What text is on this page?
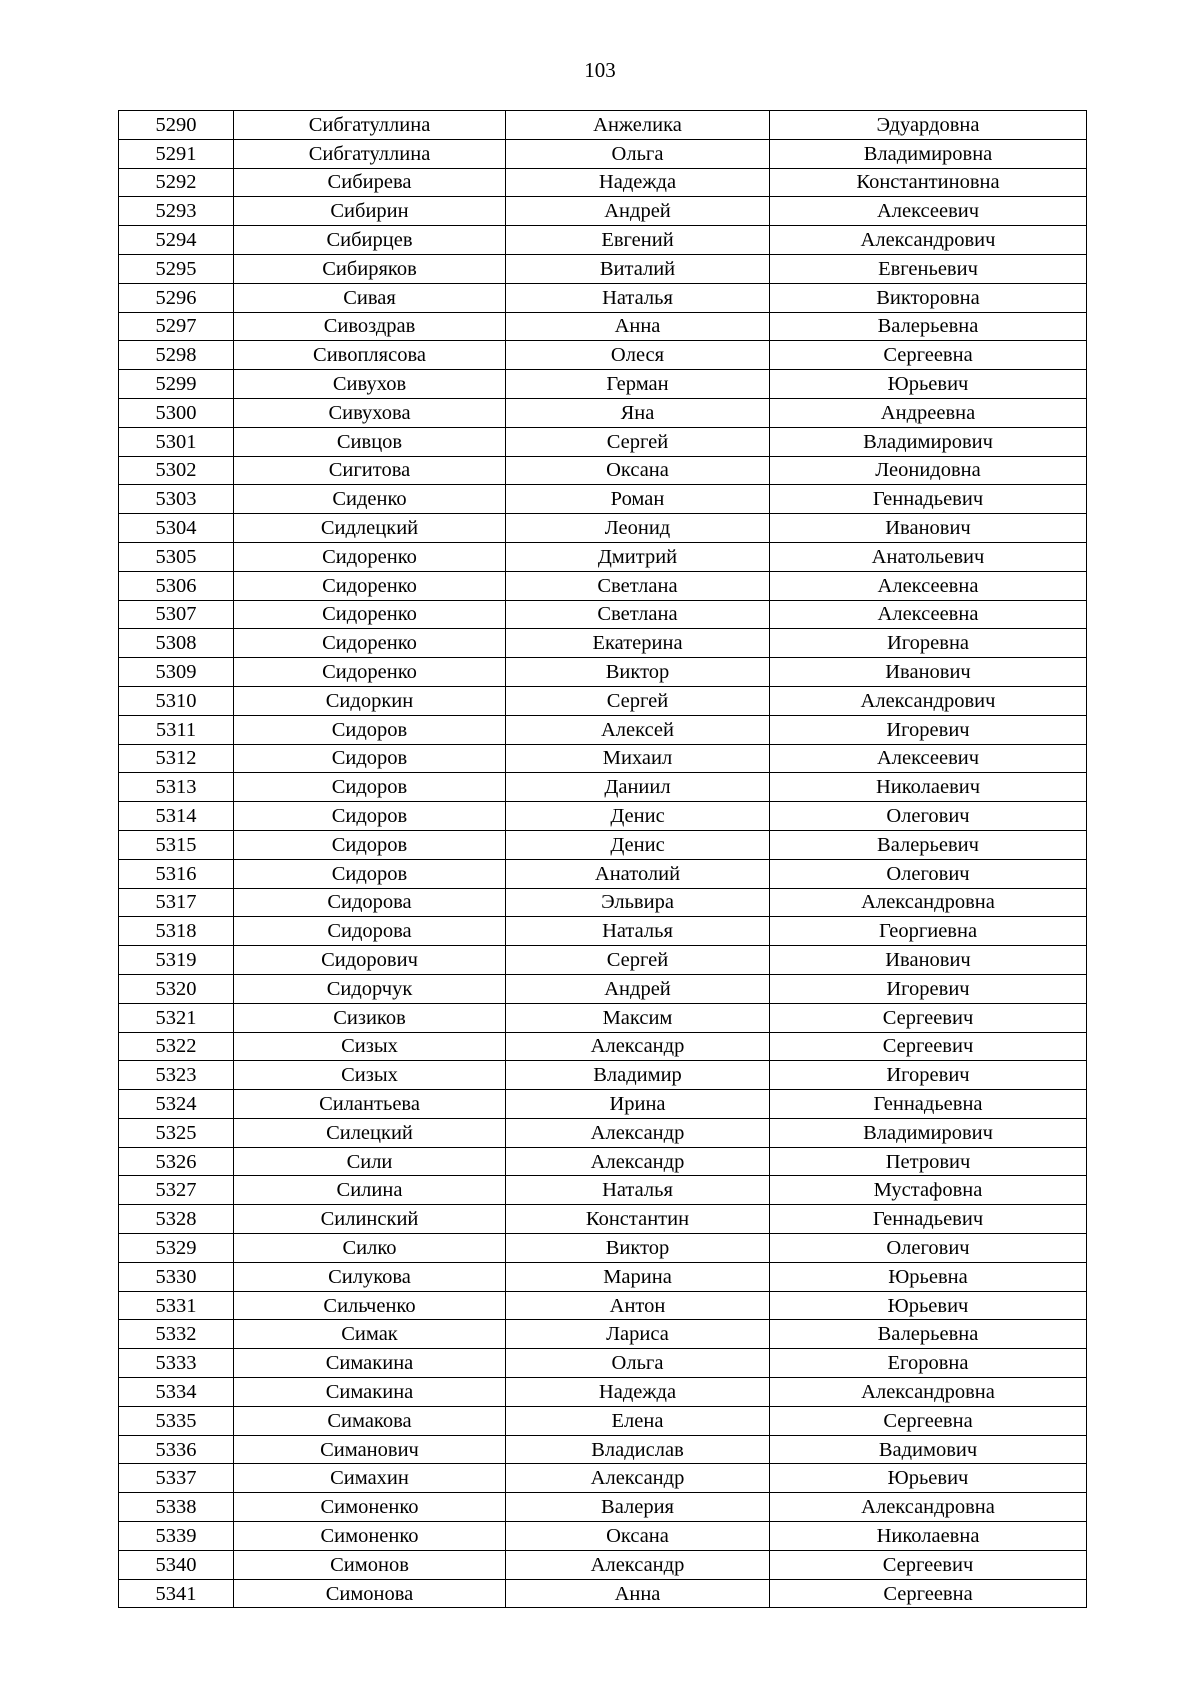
103
5290	Сибгатуллина	Анжелика	Эдуардовна
5291	Сибгатуллина	Ольга	Владимировна
5292	Сибирева	Надежда	Константиновна
5293	Сибирин	Андрей	Алексеевич
5294	Сибирцев	Евгений	Александрович
5295	Сибиряков	Виталий	Евгеньевич
5296	Сивая	Наталья	Викторовна
5297	Сивоздрав	Анна	Валерьевна
5298	Сивоплясова	Олеся	Сергеевна
5299	Сивухов	Герман	Юрьевич
5300	Сивухова	Яна	Андреевна
5301	Сивцов	Сергей	Владимирович
5302	Сигитова	Оксана	Леонидовна
5303	Сиденко	Роман	Геннадьевич
5304	Сидлецкий	Леонид	Иванович
5305	Сидоренко	Дмитрий	Анатольевич
5306	Сидоренко	Светлана	Алексеевна
5307	Сидоренко	Светлана	Алексеевна
5308	Сидоренко	Екатерина	Игоревна
5309	Сидоренко	Виктор	Иванович
5310	Сидоркин	Сергей	Александрович
5311	Сидоров	Алексей	Игоревич
5312	Сидоров	Михаил	Алексеевич
5313	Сидоров	Даниил	Николаевич
5314	Сидоров	Денис	Олегович
5315	Сидоров	Денис	Валерьевич
5316	Сидоров	Анатолий	Олегович
5317	Сидорова	Эльвира	Александровна
5318	Сидорова	Наталья	Георгиевна
5319	Сидорович	Сергей	Иванович
5320	Сидорчук	Андрей	Игоревич
5321	Сизиков	Максим	Сергеевич
5322	Сизых	Александр	Сергеевич
5323	Сизых	Владимир	Игоревич
5324	Силантьева	Ирина	Геннадьевна
5325	Силецкий	Александр	Владимирович
5326	Сили	Александр	Петрович
5327	Силина	Наталья	Мустафовна
5328	Силинский	Константин	Геннадьевич
5329	Силко	Виктор	Олегович
5330	Силукова	Марина	Юрьевна
5331	Сильченко	Антон	Юрьевич
5332	Симак	Лариса	Валерьевна
5333	Симакина	Ольга	Егоровна
5334	Симакина	Надежда	Александровна
5335	Симакова	Елена	Сергеевна
5336	Симанович	Владислав	Вадимович
5337	Симахин	Александр	Юрьевич
5338	Симоненко	Валерия	Александровна
5339	Симоненко	Оксана	Николаевна
5340	Симонов	Александр	Сергеевич
5341	Симонова	Анна	Сергеевна
